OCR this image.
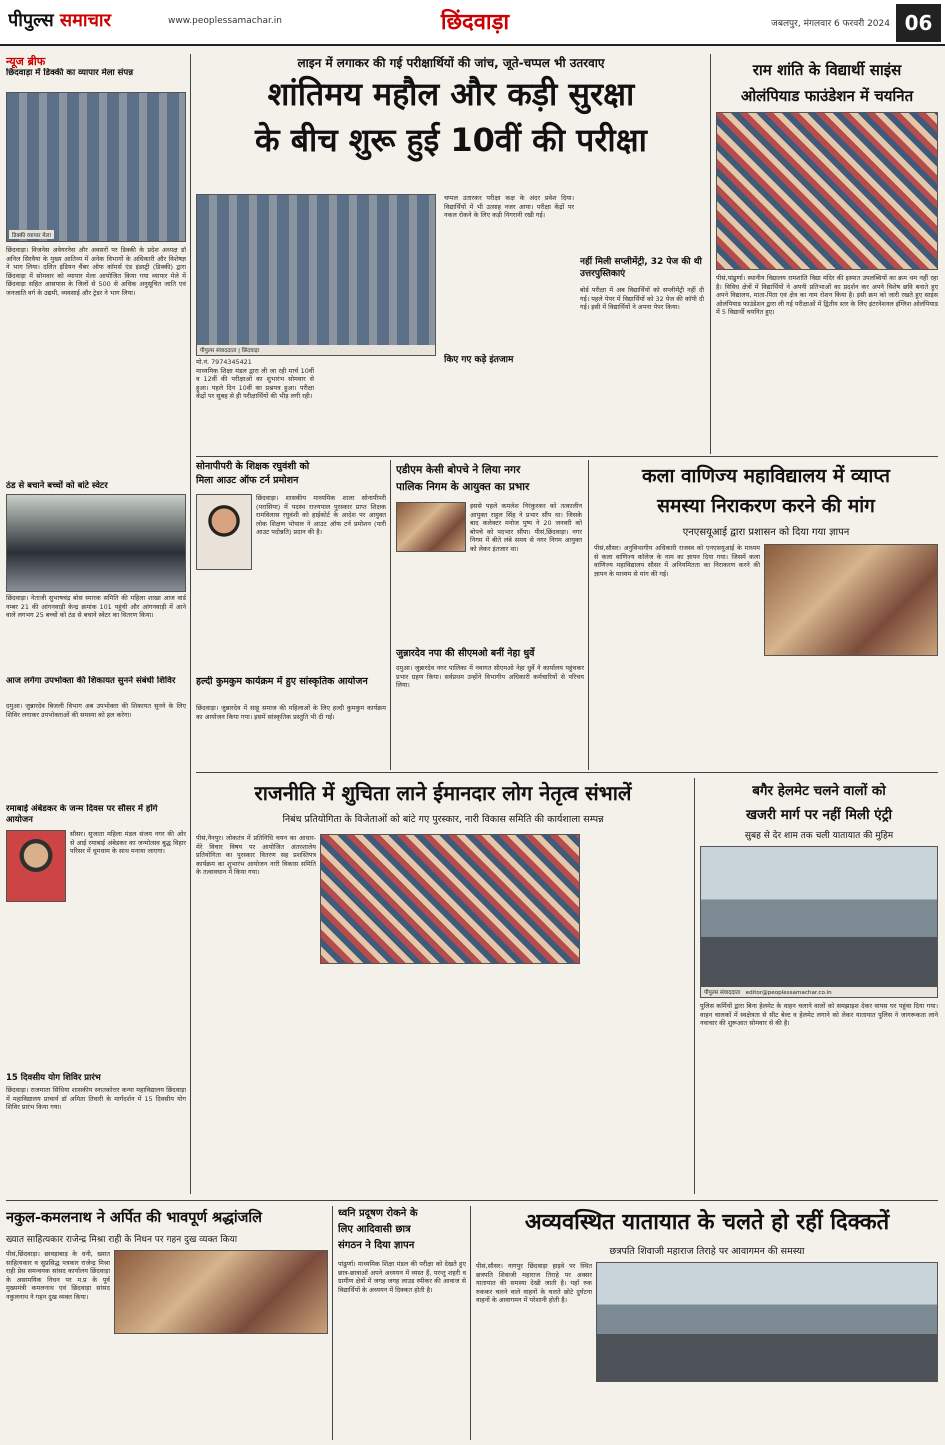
पीपुल्स समाचार	www.peoplessamachar.in	छिंदवाड़ा	जबलपुर, मंगलवार 6 फरवरी 2024 06
न्यूज ब्रीफ
छिंदवाड़ा में डिक्की का व्यापार मेला संपन्न
डिक्की व्यापार मेला
छिंदवाड़ा। विजनेस अवेयरनेस और अवसरों पर डिक्की के प्रदेश अध्यक्ष डॉ अनिल सिरवैया के मुख्य आतिथ्य में अनेक विभागों के अधिकारी और विशेषज्ञ ने भाग लिया। दलित इंडियन चैंबर ऑफ कॉमर्स एंड इंडस्ट्री (डिक्की) द्वारा छिंदवाड़ा में सोमवार को व्यापार मेला आयोजित किया गया व्यापार मेले में छिंदवाड़ा सहित आसपास के जिलों से 500 से अधिक अनुसूचित जाति एवं जनजाति वर्ग के उद्यमी, व्यवसाई और ट्रेडर ने भाग लिया।
ठंड से बचाने बच्चों को बांटे स्वेटर
छिंदवाड़ा। नेताजी सुभाषचंद्र बोस स्मारक समिति की महिला शाखा आज वार्ड नम्बर 21 की आंगनवाड़ी केन्द्र क्रमांक 101 पहुंची और आंगनवाड़ी में आने वाले लगभग 25 बच्चों को ठंड से बचाने स्वेटर का वितरण किया।
आज लगेगा उपभोक्ता की शिकायत सुनने संबंधी शिविर
दमुआ। जुन्नारदेव बिजली विभाग अब उपभोक्ता की शिकायत सुनने के लिए शिविर लगाकर उपभोक्ताओं की समस्या को हल करेगा।
रमाबाई अंबेडकर के जन्म दिवस पर सौसर में होंगे आयोजन
सौसर। सुजाता महिला मंडल संजय नगर की ओर से आई रमाबाई अंबेडकर का जन्मोत्सव बुद्ध विहार परिसर में धूमधाम के साथ मनाया जाएगा।
15 दिवसीय योग शिविर प्रारंभ
छिंदवाड़ा। राजमाता सिंधिया शासकीय स्नातकोत्तर कन्या महाविद्यालय छिंदवाड़ा में महाविद्यालय प्राचार्य डॉ अमिता तिवारी के मार्गदर्शन में 15 दिवसीय योग शिविर प्रारंभ किया गया।
लाइन में लगाकर की गई परीक्षार्थियों की जांच, जूते-चप्पल भी उतरवाए
शांतिमय महौल और कड़ी सुरक्षा
के बीच शुरू हुई 10वीं की परीक्षा
पीपुल्स संवाददाता | छिंदवाड़ा
मो.नं. 7974345421
माध्यमिक शिक्षा मंडल द्वारा ली जा रही मार्च 10वीं व 12वीं की परीक्षाओं का शुभारंभ सोमवार से हुआ। पहले दिन 10वीं का प्रश्नपत्र हुआ। परीक्षा केंद्रों पर सुबह से ही परीक्षार्थियों की भीड़ लगी रही।
चप्पल उतारकर परीक्षा कक्ष के अंदर प्रवेश दिया। विद्यार्थियों में भी उत्साह नजर आया। परीक्षा केंद्रों पर नकल रोकने के लिए कड़ी निगरानी रखी गई।
किए गए कड़े इंतजाम
नहीं मिली सप्लीमेंट्री, 32 पेज की थी उत्तरपुस्तिकाएं
बोर्ड परीक्षा में अब विद्यार्थियों को सप्लीमेंट्री नहीं दी गई। पहले पेपर में विद्यार्थियों को 32 पेज की कॉपी दी गई। इसी में विद्यार्थियों ने अपना पेपर किया।
राम शांति के विद्यार्थी साइंस
ओलंपियाड फाउंडेशन में चयनित
पीसं,पांढुर्णा। स्थानीय विद्यालय रामशांति विद्या मंदिर की इस्पात उपलब्धियों का क्रम थम नहीं रहा है। विविध क्षेत्रों में विद्यार्थियों ने अपनी प्रतिभाओं का प्रदर्शन कर अपने विशेष छवि बनाते हुए अपने विद्यालय, माता-पिता एवं क्षेत्र का नाम रोशन किया है। इसी क्रम को जारी रखते हुए साइंस ओलंपियाड फाउंडेशन द्वारा ली गई परीक्षाओं में द्वितीय स्तर के लिए इंटरनेशनल इंग्लिश ओलंपियाड में 5 विद्यार्थी चयनित हुए।
सोनापीपरी के शिक्षक रघुवंशी को
मिला आउट ऑफ टर्न प्रमोशन
छिंदवाड़ा। शासकीय माध्यमिक शाला सोनापीपरी (परासिया) में पदस्थ राज्यपाल पुरस्कार प्राप्त शिक्षक रामविलास रघुवंशी को हाईकोर्ट के आदेश पर आयुक्त लोक शिक्षण भोपाल ने आउट ऑफ टर्न प्रमोशन (पारी आउट पदोन्नति) प्रदान की है।
हल्दी कुमकुम कार्यक्रम में हुए सांस्कृतिक आयोजन
छिंदवाड़ा। जुन्नारदेव में साहू समाज की महिलाओं के लिए हल्दी कुमकुम कार्यक्रम का आयोजन किया गया। इसमें सांस्कृतिक प्रस्तुति भी दी गईं।
एडीएम केसी बोपचे ने लिया नगर
पालिक निगम के आयुक्त का प्रभार
इससे पहले कमलेश निरंकुरकर को तत्कालीन आयुक्त राहुल सिंह ने प्रभार सौंप था। जिसके बाद कलेक्टर मनोज पुष्प ने 20 जनवरी को बोपचे को पदभार सौंपा। पीसं,छिंदवाड़ा। नगर निगम में बीते लंबे समय से नगर निगम आयुक्त को लेकर इंतजार था।
जुन्नारदेव नपा की सीएमओ बनीं नेहा धुर्वे
दमुआ। जुन्नारदेव नगर पालिका में नवागत सीएमओ नेहा धुर्वे ने कार्यालय पहुंचकर प्रभार ग्रहण किया। सर्वप्रथम उन्होंने विभागीय अधिकारी कर्मचारियों से परिचय लिया।
कला वाणिज्य महाविद्यालय में व्याप्त
समस्या निराकरण करने की मांग
एनएसयूआई द्वारा प्रशासन को दिया गया ज्ञापन
पीसं,सौसर। अनुविभागीय अधिकारी राजस्व को एनएसयूआई के माध्यम से कला वाणिज्य कॉलेज के नाम का ज्ञापन दिया गया। जिसमें कला वाणिज्य महाविद्यालय सौसर में अनियमितता का निराकरण करने की ज्ञापन के माध्यम से मांग की गई।
राजनीति में शुचिता लाने ईमानदार लोग नेतृत्व संभालें
निबंध प्रतियोगिता के विजेताओं को बांटे गए पुरस्कार, नारी विकास समिति की कार्यशाला सम्पन्न
पीसं,नैनपुर। लोकतंत्र में प्रतिनिधि चयन का आधार- मेरे विचार विषय पर आयोजित अंतरशालेय प्रतियोगिता का पुरस्कार वितरण सह प्रशस्तिपत्र कार्यक्रम का शुभारंभ आयोजन नारी विकास समिति के तत्वावधान में किया गया।
बगैर हेलमेट चलने वालों को
खजरी मार्ग पर नहीं मिली एंट्री
सुबह से देर शाम तक चली यातायात की मुहिम
पीपुल्स संवाददाता editor@peoplessamachar.co.in
पुलिस कर्मियों द्वारा बिना हेलमेट के वाहन चलाने वालों को समझाइश देकर वापस घर पहुंचा दिया गया। वाहन चालकों में स्वक्षेत्रता से सीट बेल्ट व हेलमेट लगाने को लेकर यातायात पुलिस ने जागरूकता लाने नवाचार की शुरूआत सोमवार से की है।
नकुल-कमलनाथ ने अर्पित की भावपूर्ण श्रद्धांजलि
ख्यात साहित्यकार राजेन्द्र मिश्रा राही के निधन पर गहन दुख व्यक्त किया
पीसं,छिंदवाड़ा। छावड़ाबाड़ के धनी, ख्यात साहित्यकार व सुप्रसिद्ध पत्रकार राजेन्द्र मिश्रा राही प्रेस समन्वयक सांसद कार्यालय छिंदवाड़ा के असामयिक निधन पर म.प्र के पूर्व मुख्यमंत्री कमलनाथ एवं छिंदवाड़ा सांसद नकुलनाथ ने गहन दुख व्यक्त किया।
ध्वनि प्रदूषण रोकने के
लिए आदिवासी छात्र
संगठन ने दिया ज्ञापन
पांढुर्णा। माध्यमिक शिक्षा मंडल की परीक्षा को देखते हुए छात्र-छात्राओं अपने अध्ययन में व्यस्त हैं, परन्तु शहरी व ग्रामीण क्षेत्रों में जगह जगह लाउड स्पीकर की आवाज से विद्यार्थियों के अध्ययन में दिक्कत होती है।
अव्यवस्थित यातायात के चलते हो रहीं दिक्कतें
छत्रपति शिवाजी महाराज तिराहे पर आवागमन की समस्या
पीसं,सौसर। नागपुर छिंदवाड़ा हाइवे पर स्थित छत्रपति शिवाजी महाराज तिराहे पर अक्सर यातायात की समस्या देखी जाती है। यहाँ रुक रुककर चलने वाले वाहनों के चलते छोटे दुर्घटना वाहनों के आवागमन में परेशानी होती है।
